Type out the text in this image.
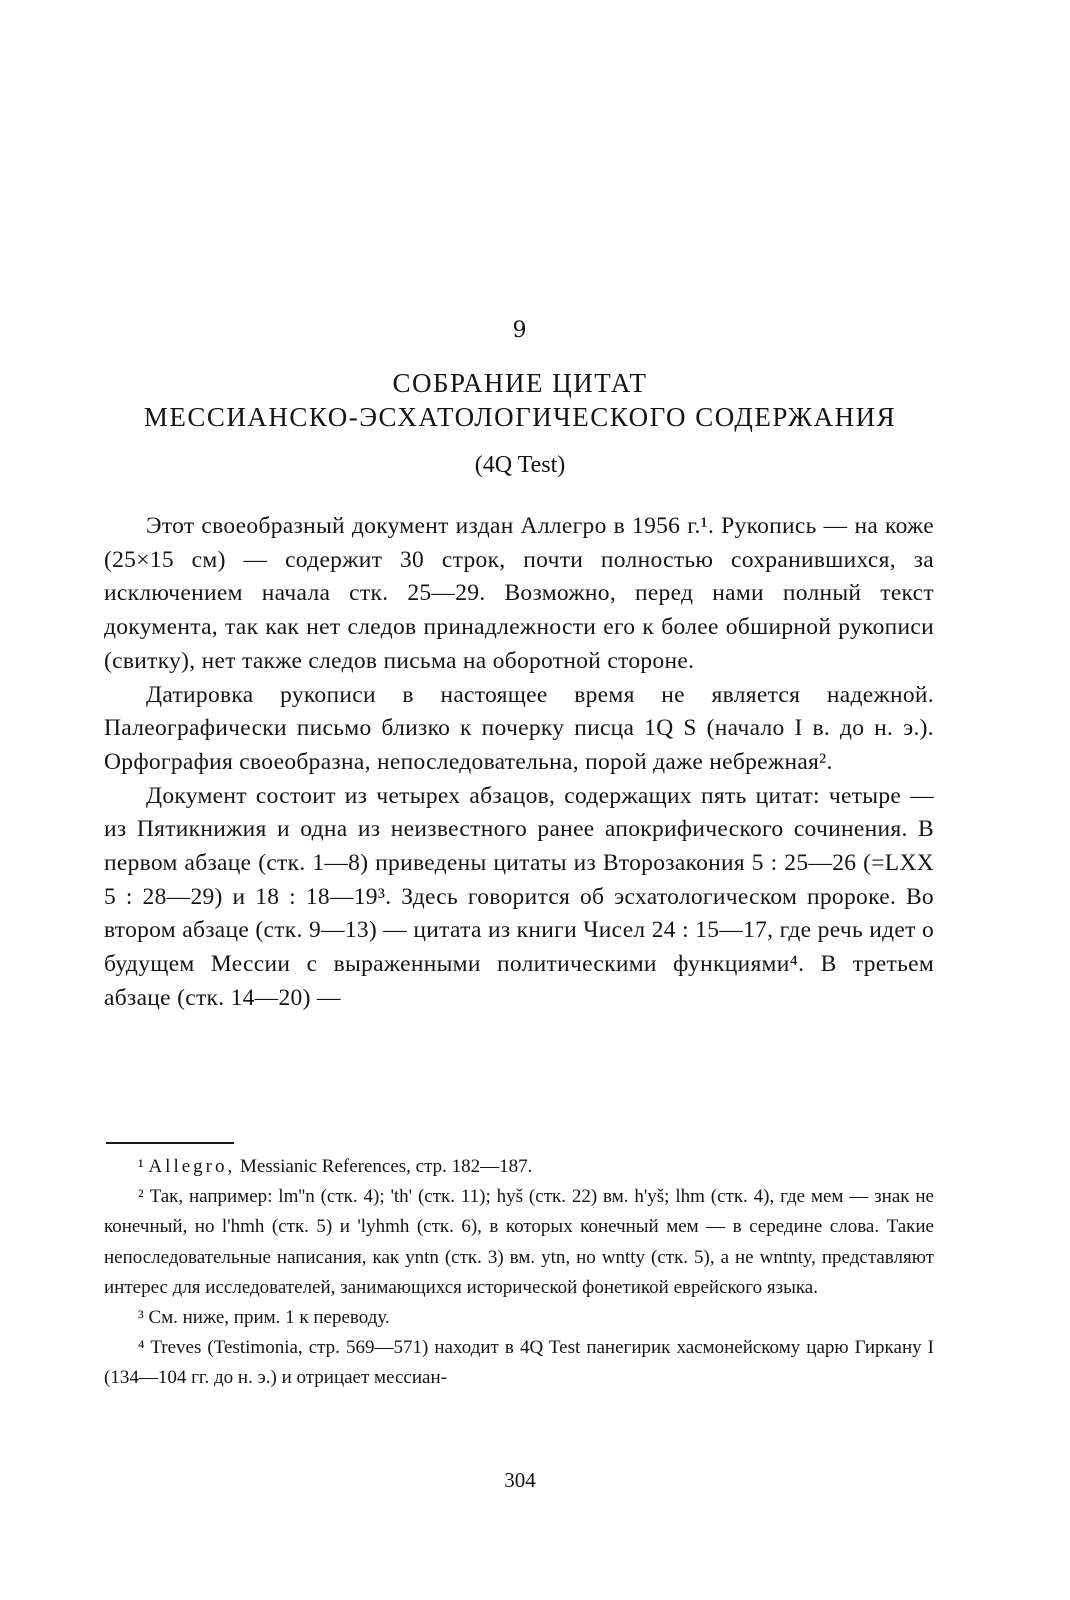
9
СОБРАНИЕ ЦИТАТ
МЕССИАНСКО-ЭСХАТОЛОГИЧЕСКОГО СОДЕРЖАНИЯ
(4Q Test)

Этот своеобразный документ издан Аллегро в 1956 г.¹. Рукопись — на коже (25×15 см) — содержит 30 строк, почти полностью сохранившихся, за исключением начала стк. 25—29. Возможно, перед нами полный текст документа, так как нет следов принадлежности его к более обширной рукописи (свитку), нет также следов письма на оборотной стороне.

Датировка рукописи в настоящее время не является надежной. Палеографически письмо близко к почерку писца 1Q S (начало I в. до н. э.). Орфография своеобразна, непоследовательна, порой даже небрежная².

Документ состоит из четырех абзацов, содержащих пять цитат: четыре — из Пятикнижия и одна из неизвестного ранее апокрифического сочинения. В первом абзаце (стк. 1—8) приведены цитаты из Второзакония 5 : 25—26 (=LXX 5 : 28—29) и 18 : 18—19³. Здесь говорится об эсхатологическом пророке. Во втором абзаце (стк. 9—13) — цитата из книги Чисел 24 : 15—17, где речь идет о будущем Мессии с выраженными политическими функциями⁴. В третьем абзаце (стк. 14—20) —

¹ Allegro, Messianic References, стр. 182—187.

² Так, например: lm''n (стк. 4); 'th' (стк. 11); hyš (стк. 22) вм. h'yš; lhm (стк. 4), где мем — знак не конечный, но l'hmh (стк. 5) и 'lyhmh (стк. 6), в которых конечный мем — в середине слова. Такие непоследовательные написания, как yntn (стк. 3) вм. ytn, но wntty (стк. 5), а не wntnty, представляют интерес для исследователей, занимающихся исторической фонетикой еврейского языка.

³ См. ниже, прим. 1 к переводу.

⁴ Treves (Testimonia, стр. 569—571) находит в 4Q Test панегирик хасмонейскому царю Гиркану I (134—104 гг. до н. э.) и отрицает мессиан-

304
